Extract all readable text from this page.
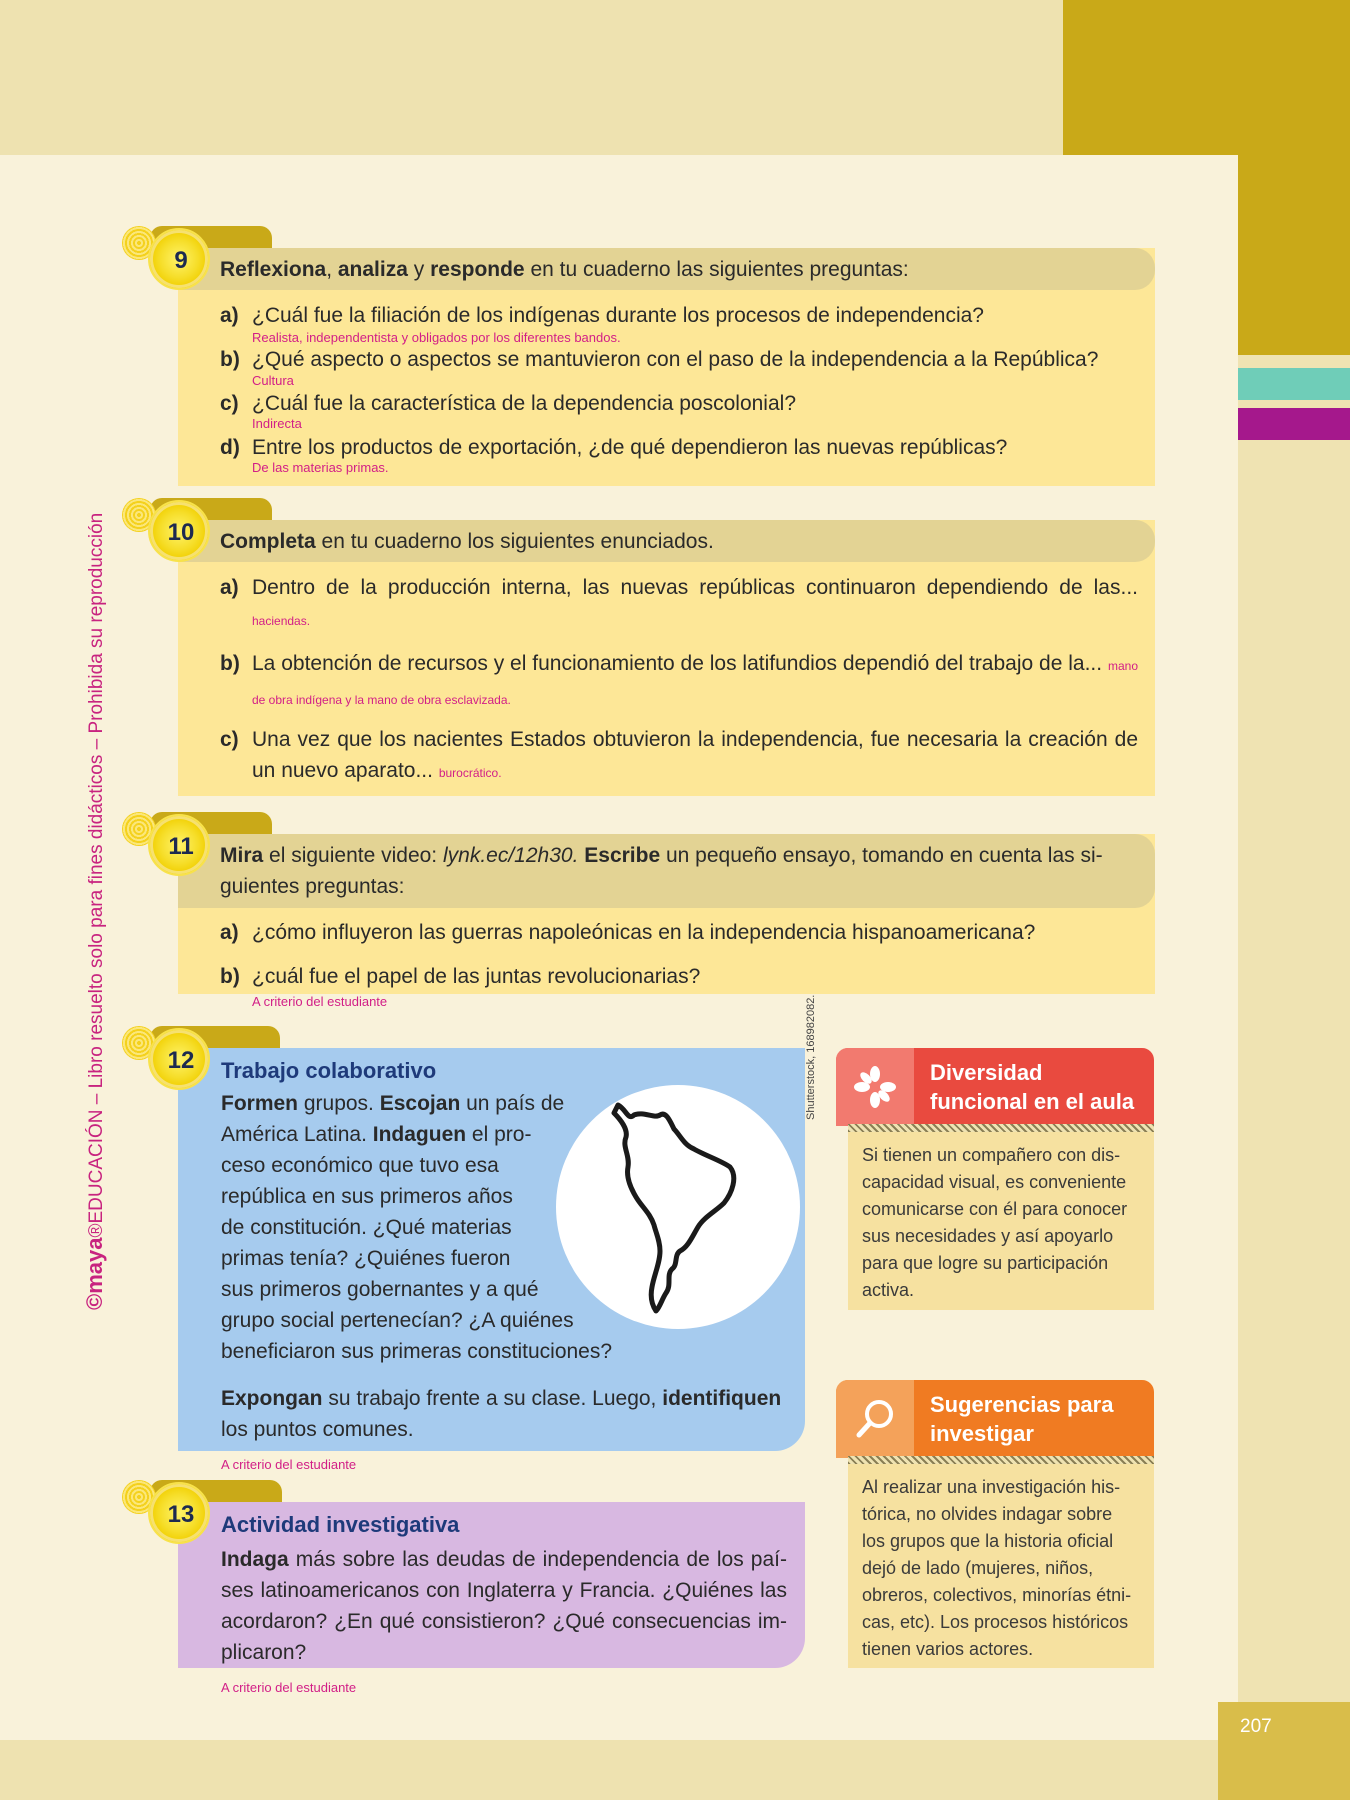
207
©maya®EDUCACIÓN – Libro resuelto solo para fines didácticos – Prohibida su reproducción
Reflexiona, analiza y responde en tu cuaderno las siguientes preguntas:
9
a) ¿Cuál fue la filiación de los indígenas durante los procesos de independencia?
Realista, independentista y obligados por los diferentes bandos.
b) ¿Qué aspecto o aspectos se mantuvieron con el paso de la independencia a la República?
Cultura
c) ¿Cuál fue la característica de la dependencia poscolonial?
Indirecta
d) Entre los productos de exportación, ¿de qué dependieron las nuevas repúblicas?
De las materias primas.
Completa en tu cuaderno los siguientes enunciados.
10
a) Dentro de la producción interna, las nuevas repúblicas continuaron dependiendo de las... haciendas.
b) La obtención de recursos y el funcionamiento de los latifundios dependió del trabajo de la... mano de obra indígena y la mano de obra esclavizada.
c) Una vez que los nacientes Estados obtuvieron la independencia, fue necesaria la creación de un nuevo aparato... burocrático.
Mira el siguiente video: lynk.ec/12h30. Escribe un pequeño ensayo, tomando en cuenta las si-guientes preguntas:
11
a) ¿cómo influyeron las guerras napoleónicas en la independencia hispanoamericana?
b) ¿cuál fue el papel de las juntas revolucionarias?
A criterio del estudiante
12	Trabajo colaborativo	Shutterstock, 168982082.
Formen grupos. Escojan un país de
América Latina. Indaguen el pro-
ceso económico que tuvo esa
república en sus primeros años
de constitución. ¿Qué materias
primas tenía? ¿Quiénes fueron
sus primeros gobernantes y a qué
grupo social pertenecían? ¿A quiénes
beneficiaron sus primeras constituciones?
Expongan su trabajo frente a su clase. Luego, identifiquen los puntos comunes.
A criterio del estudiante
13	Actividad investigativa
Indaga más sobre las deudas de independencia de los paí-ses latinoamericanos con Inglaterra y Francia. ¿Quiénes las acordaron? ¿En qué consistieron? ¿Qué consecuencias im-plicaron?
A criterio del estudiante
Diversidad
funcional en el aula
Si tienen un compañero con dis-capacidad visual, es conveniente comunicarse con él para conocer sus necesidades y así apoyarlo para que logre su participación activa.
Sugerencias para
investigar
Al realizar una investigación his-tórica, no olvides indagar sobre los grupos que la historia oficial dejó de lado (mujeres, niños, obreros, colectivos, minorías étni-cas, etc). Los procesos históricos tienen varios actores.
